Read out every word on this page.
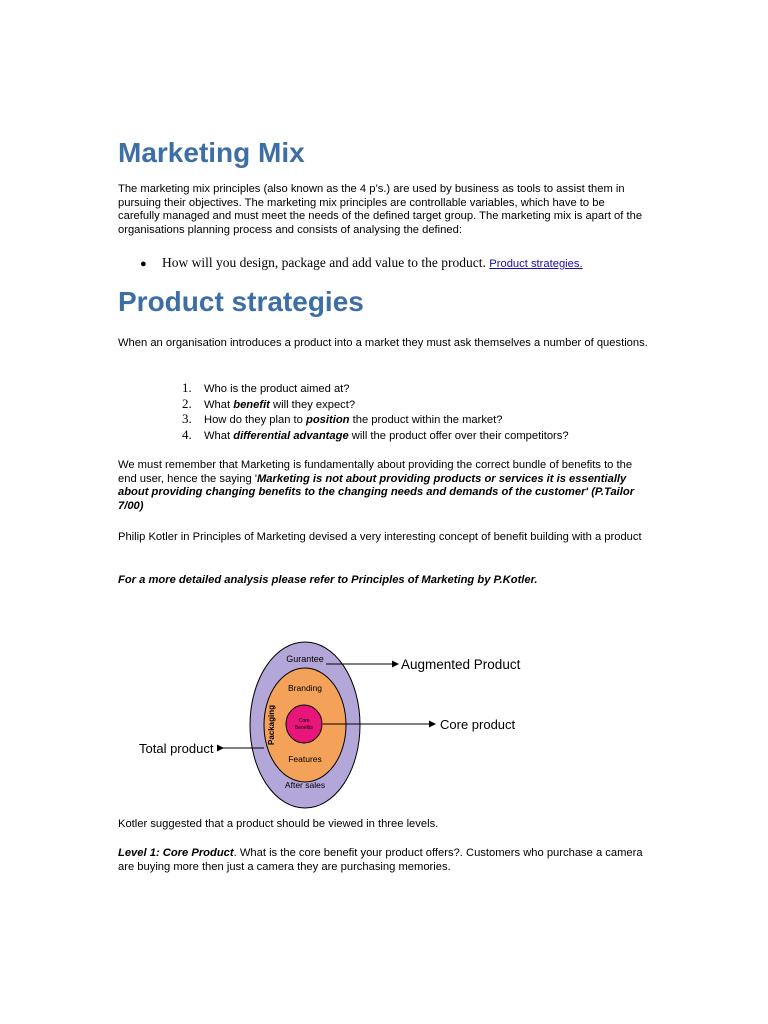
Marketing Mix

The marketing mix principles (also known as the 4 p’s.) are used by business as tools to assist them in pursuing their objectives. The marketing mix principles are controllable variables, which have to be carefully managed and must meet the needs of the defined target group. The marketing mix is apart of the organisations planning process and consists of analysing the defined:

● How will you design, package and add value to the product. Product strategies.
Product strategies

When an organisation introduces a product into a market they must ask themselves a number of questions.

1. Who is the product aimed at?
2. What benefit will they expect?
3. How do they plan to position the product within the market?
4. What differential advantage will the product offer over their competitors?

We must remember that Marketing is fundamentally about providing the correct bundle of benefits to the end user, hence the saying 'Marketing is not about providing products or services it is essentially about providing changing benefits to the changing needs and demands of the customer' (P.Tailor 7/00)

Philip Kotler in Principles of Marketing devised a very interesting concept of benefit building with a product

For a more detailed analysis please refer to Principles of Marketing by P.Kotler.

Gurantee
Branding
Features
After sales
Packaging	Core
Benefits
Augmented Product
Core product
Total product

Kotler suggested that a product should be viewed in three levels.

Level 1: Core Product. What is the core benefit your product offers?. Customers who purchase a camera are buying more then just a camera they are purchasing memories.
